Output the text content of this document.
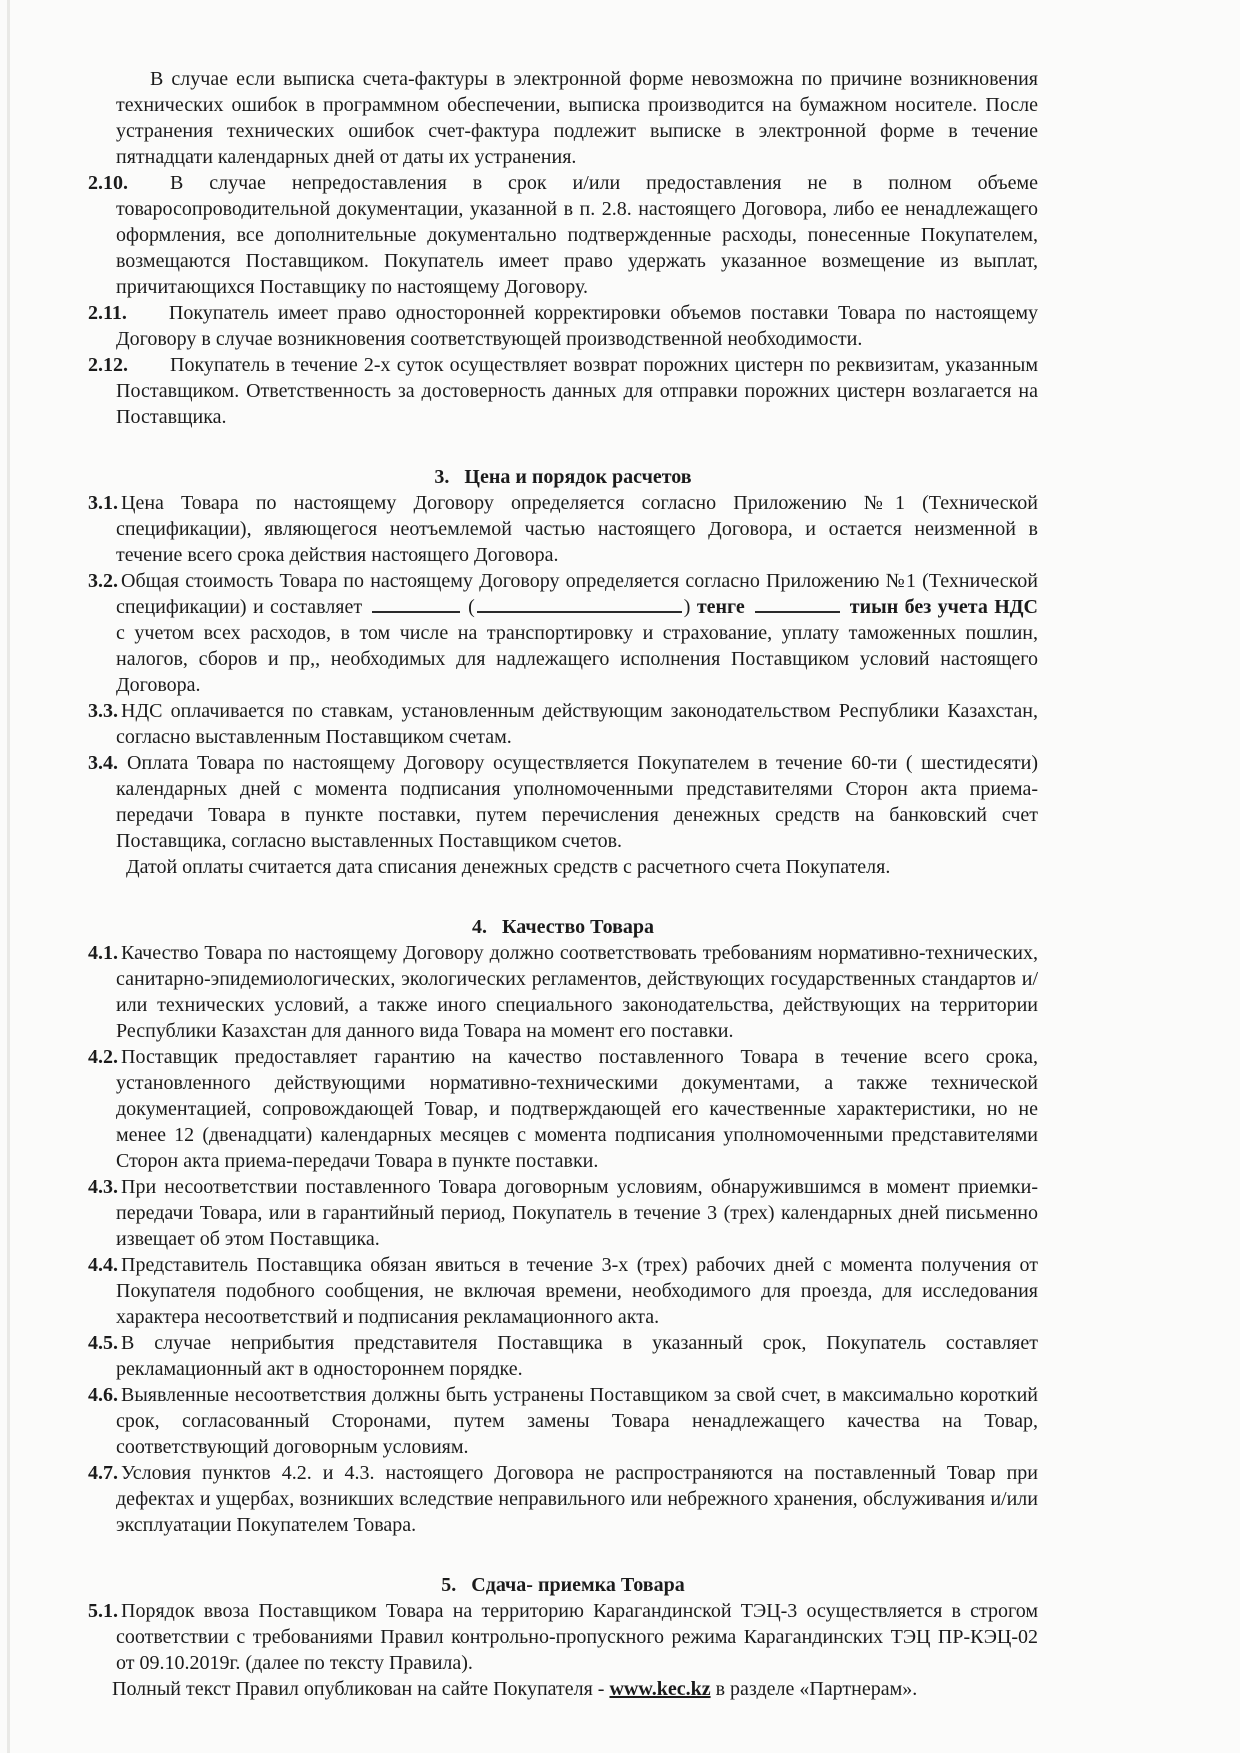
В случае если выписка счета-фактуры в электронной форме невозможна по причине возникновения технических ошибок в программном обеспечении, выписка производится на бумажном носителе. После устранения технических ошибок счет-фактура подлежит выписке в электронной форме в течение пятнадцати календарных дней от даты их устранения.

2.10. В случае непредоставления в срок и/или предоставления не в полном объеме товаросопроводительной документации, указанной в п. 2.8. настоящего Договора, либо ее ненадлежащего оформления, все дополнительные документально подтвержденные расходы, понесенные Покупателем, возмещаются Поставщиком. Покупатель имеет право удержать указанное возмещение из выплат, причитающихся Поставщику по настоящему Договору.

2.11. Покупатель имеет право односторонней корректировки объемов поставки Товара по настоящему Договору в случае возникновения соответствующей производственной необходимости.

2.12. Покупатель в течение 2-х суток осуществляет возврат порожних цистерн по реквизитам, указанным Поставщиком. Ответственность за достоверность данных для отправки порожних цистерн возлагается на Поставщика.

3. Цена и порядок расчетов

3.1. Цена Товара по настоящему Договору определяется согласно Приложению №1 (Технической спецификации), являющегося неотъемлемой частью настоящего Договора, и остается неизменной в течение всего срока действия настоящего Договора.

3.2. Общая стоимость Товара по настоящему Договору определяется согласно Приложению №1 (Технической спецификации) и составляет	(	) тенге	тиын без учета НДС с учетом всех расходов, в том числе на транспортировку и страхование, уплату таможенных пошлин, налогов, сборов и пр,, необходимых для надлежащего исполнения Поставщиком условий настоящего Договора.

3.3. НДС оплачивается по ставкам, установленным действующим законодательством Республики Казахстан, согласно выставленным Поставщиком счетам.

3.4. Оплата Товара по настоящему Договору осуществляется Покупателем в течение 60-ти ( шестидесяти) календарных дней с момента подписания уполномоченными представителями Сторон акта приема-передачи Товара в пункте поставки, путем перечисления денежных средств на банковский счет Поставщика, согласно выставленных Поставщиком счетов.

Датой оплаты считается дата списания денежных средств с расчетного счета Покупателя.

4. Качество Товара

4.1. Качество Товара по настоящему Договору должно соответствовать требованиям нормативно-технических, санитарно-эпидемиологических, экологических регламентов, действующих государственных стандартов и/или технических условий, а также иного специального законодательства, действующих на территории Республики Казахстан для данного вида Товара на момент его поставки.

4.2. Поставщик предоставляет гарантию на качество поставленного Товара в течение всего срока, установленного действующими нормативно-техническими документами, а также технической документацией, сопровождающей Товар, и подтверждающей его качественные характеристики, но не менее 12 (двенадцати) календарных месяцев с момента подписания уполномоченными представителями Сторон акта приема-передачи Товара в пункте поставки.

4.3. При несоответствии поставленного Товара договорным условиям, обнаружившимся в момент приемки-передачи Товара, или в гарантийный период, Покупатель в течение 3 (трех) календарных дней письменно извещает об этом Поставщика.

4.4. Представитель Поставщика обязан явиться в течение 3-х (трех) рабочих дней с момента получения от Покупателя подобного сообщения, не включая времени, необходимого для проезда, для исследования характера несоответствий и подписания рекламационного акта.

4.5. В случае неприбытия представителя Поставщика в указанный срок, Покупатель составляет рекламационный акт в одностороннем порядке.

4.6. Выявленные несоответствия должны быть устранены Поставщиком за свой счет, в максимально короткий срок, согласованный Сторонами, путем замены Товара ненадлежащего качества на Товар, соответствующий договорным условиям.

4.7. Условия пунктов 4.2. и 4.3. настоящего Договора не распространяются на поставленный Товар при дефектах и ущербах, возникших вследствие неправильного или небрежного хранения, обслуживания и/или эксплуатации Покупателем Товара.

5. Сдача- приемка Товара

5.1. Порядок ввоза Поставщиком Товара на территорию Карагандинской ТЭЦ-3 осуществляется в строгом соответствии с требованиями Правил контрольно-пропускного режима Карагандинских ТЭЦ ПР-КЭЦ-02 от 09.10.2019г. (далее по тексту Правила).

Полный текст Правил опубликован на сайте Покупателя - www.kec.kz в разделе «Партнерам».
